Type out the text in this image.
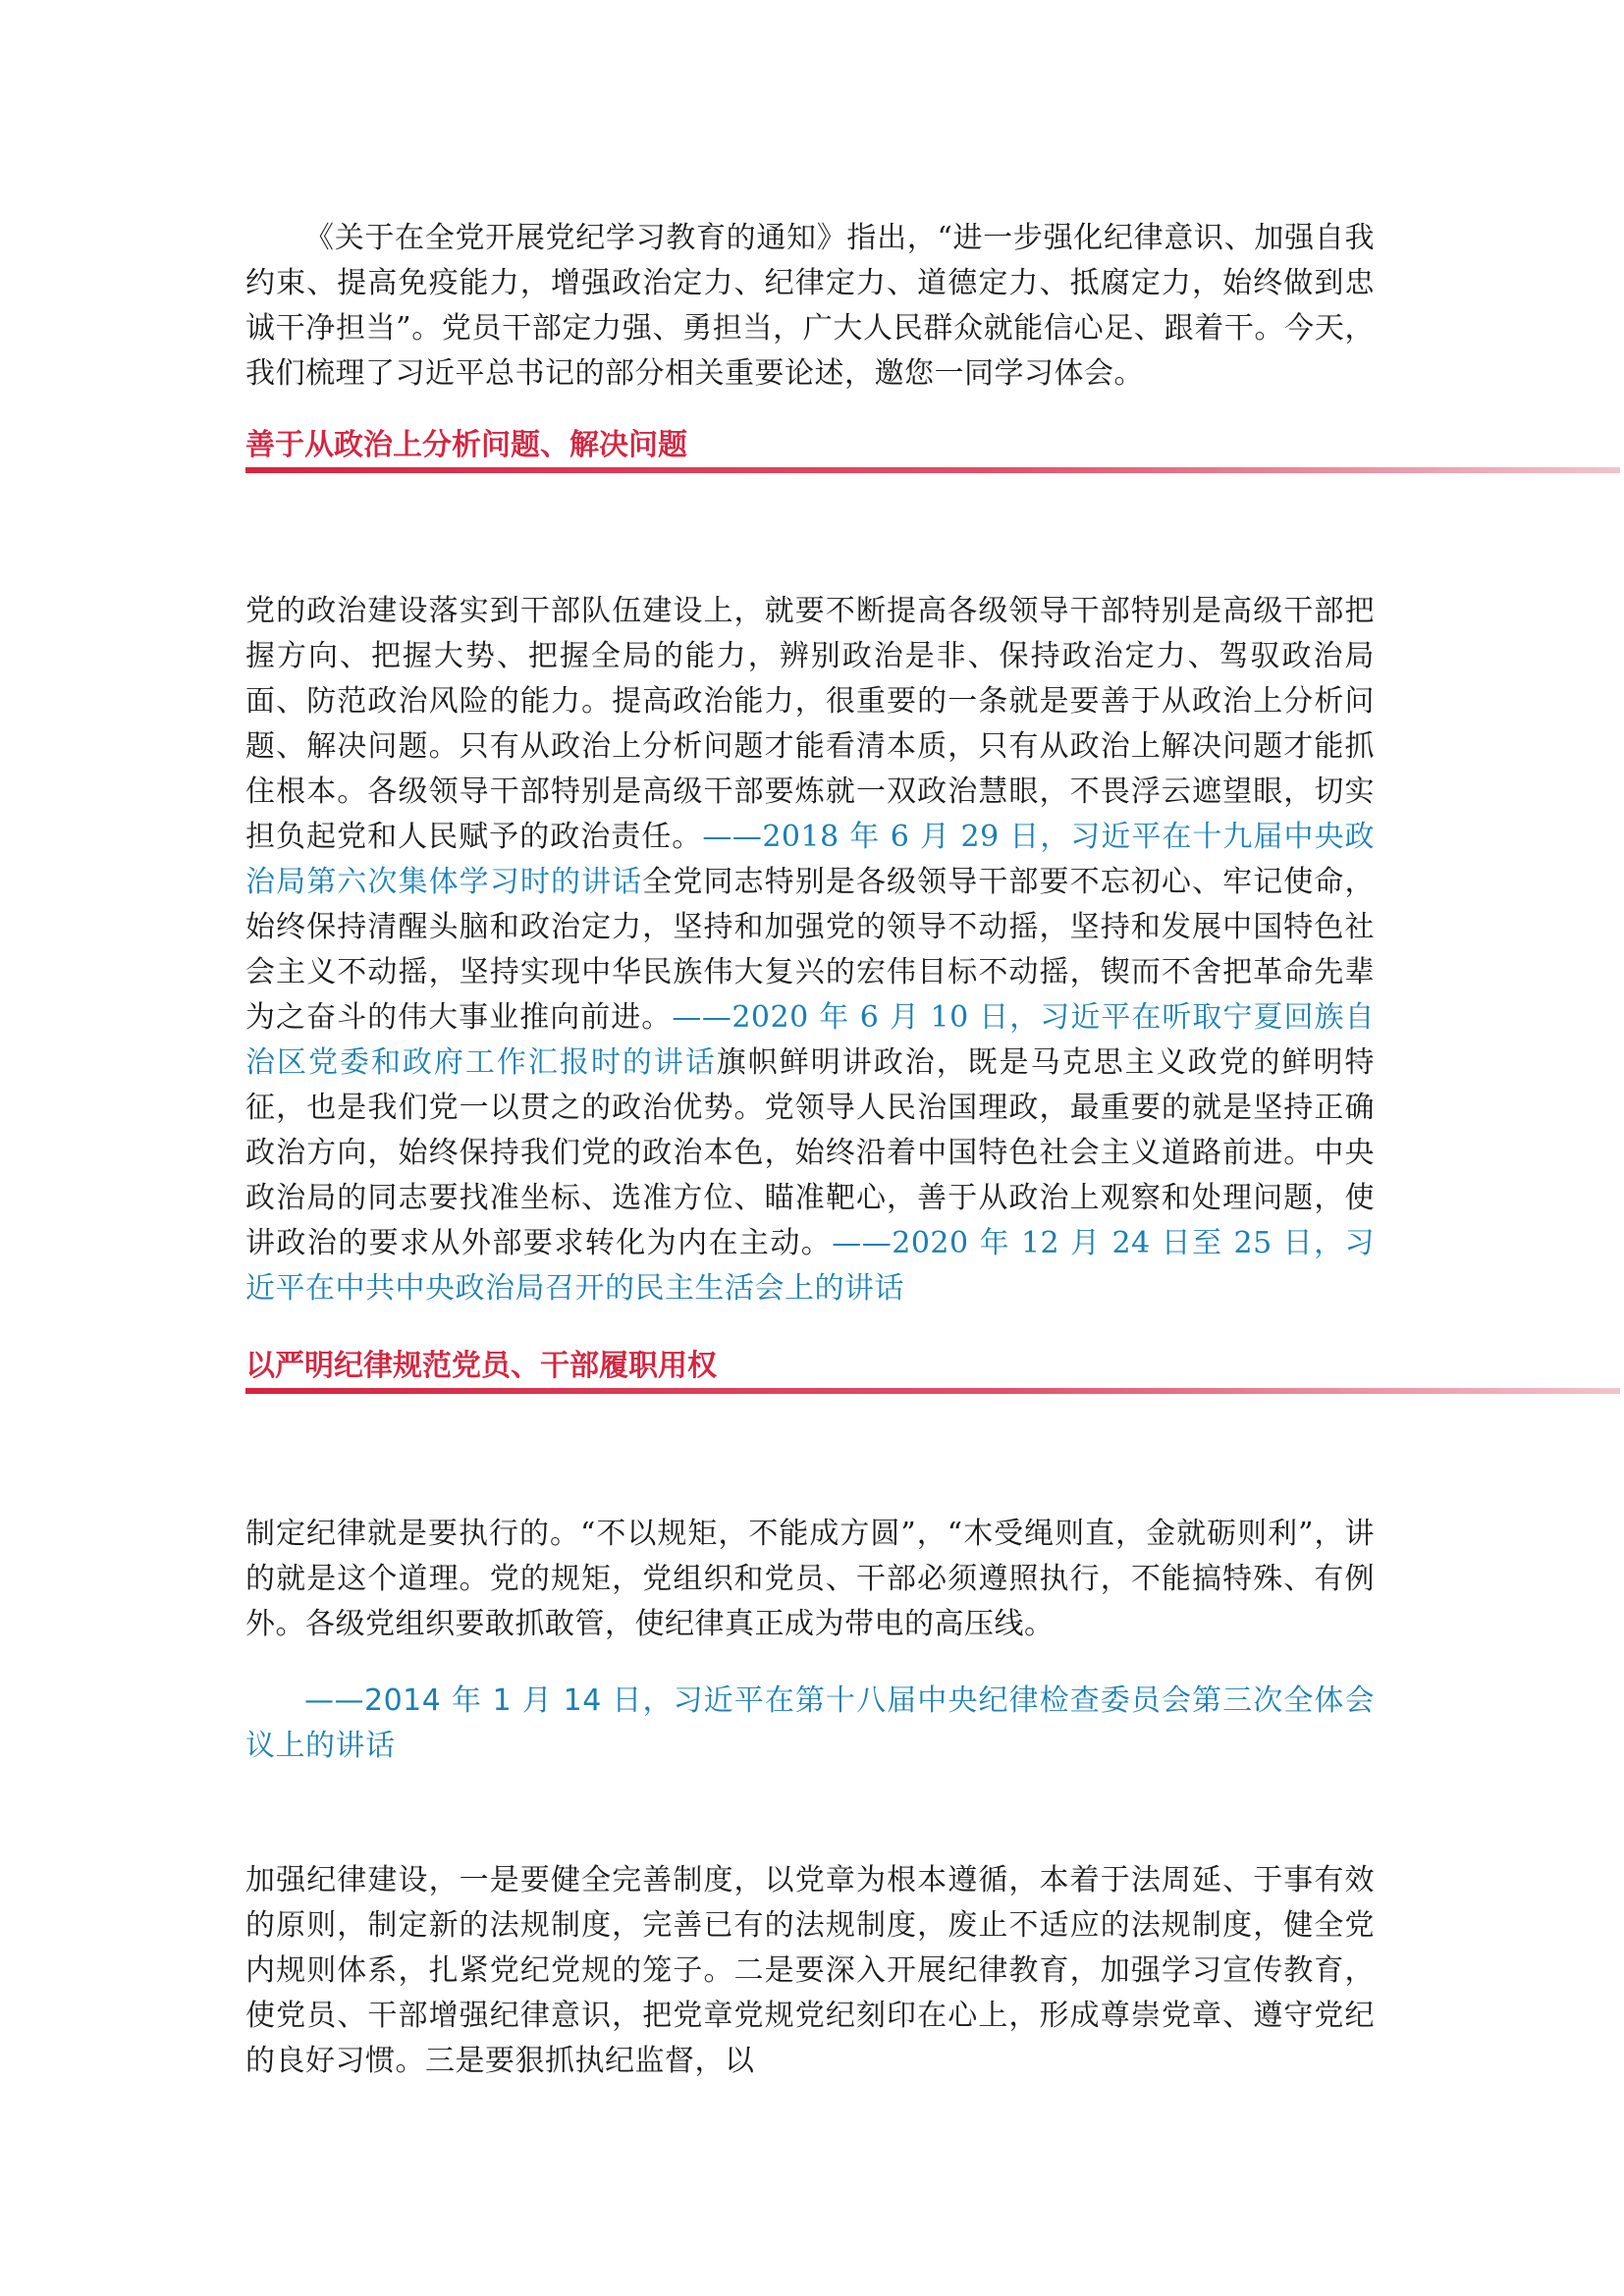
《关于在全党开展党纪学习教育的通知》指出，“进一步强化纪律意识、加强自我约束、提高免疫能力，增强政治定力、纪律定力、道德定力、抵腐定力，始终做到忠诚干净担当”。党员干部定力强、勇担当，广大人民群众就能信心足、跟着干。今天，我们梳理了习近平总书记的部分相关重要论述，邀您一同学习体会。

善于从政治上分析问题、解决问题

党的政治建设落实到干部队伍建设上，就要不断提高各级领导干部特别是高级干部把握方向、把握大势、把握全局的能力，辨别政治是非、保持政治定力、驾驭政治局面、防范政治风险的能力。提高政治能力，很重要的一条就是要善于从政治上分析问题、解决问题。只有从政治上分析问题才能看清本质，只有从政治上解决问题才能抓住根本。各级领导干部特别是高级干部要炼就一双政治慧眼，不畏浮云遮望眼，切实担负起党和人民赋予的政治责任。——2018 年 6 月 29 日，习近平在十九届中央政治局第六次集体学习时的讲话全党同志特别是各级领导干部要不忘初心、牢记使命，始终保持清醒头脑和政治定力，坚持和加强党的领导不动摇，坚持和发展中国特色社会主义不动摇，坚持实现中华民族伟大复兴的宏伟目标不动摇，锲而不舍把革命先辈为之奋斗的伟大事业推向前进。——2020 年 6 月 10 日，习近平在听取宁夏回族自治区党委和政府工作汇报时的讲话旗帜鲜明讲政治，既是马克思主义政党的鲜明特征，也是我们党一以贯之的政治优势。党领导人民治国理政，最重要的就是坚持正确政治方向，始终保持我们党的政治本色，始终沿着中国特色社会主义道路前进。中央政治局的同志要找准坐标、选准方位、瞄准靶心，善于从政治上观察和处理问题，使讲政治的要求从外部要求转化为内在主动。——2020 年 12 月 24 日至 25 日，习近平在中共中央政治局召开的民主生活会上的讲话

以严明纪律规范党员、干部履职用权

制定纪律就是要执行的。“不以规矩，不能成方圆”，“木受绳则直，金就砺则利”，讲的就是这个道理。党的规矩，党组织和党员、干部必须遵照执行，不能搞特殊、有例外。各级党组织要敢抓敢管，使纪律真正成为带电的高压线。

——2014 年 1 月 14 日，习近平在第十八届中央纪律检查委员会第三次全体会议上的讲话

加强纪律建设，一是要健全完善制度，以党章为根本遵循，本着于法周延、于事有效的原则，制定新的法规制度，完善已有的法规制度，废止不适应的法规制度，健全党内规则体系，扎紧党纪党规的笼子。二是要深入开展纪律教育，加强学习宣传教育，使党员、干部增强纪律意识，把党章党规党纪刻印在心上，形成尊崇党章、遵守党纪的良好习惯。三是要狠抓执纪监督，以
